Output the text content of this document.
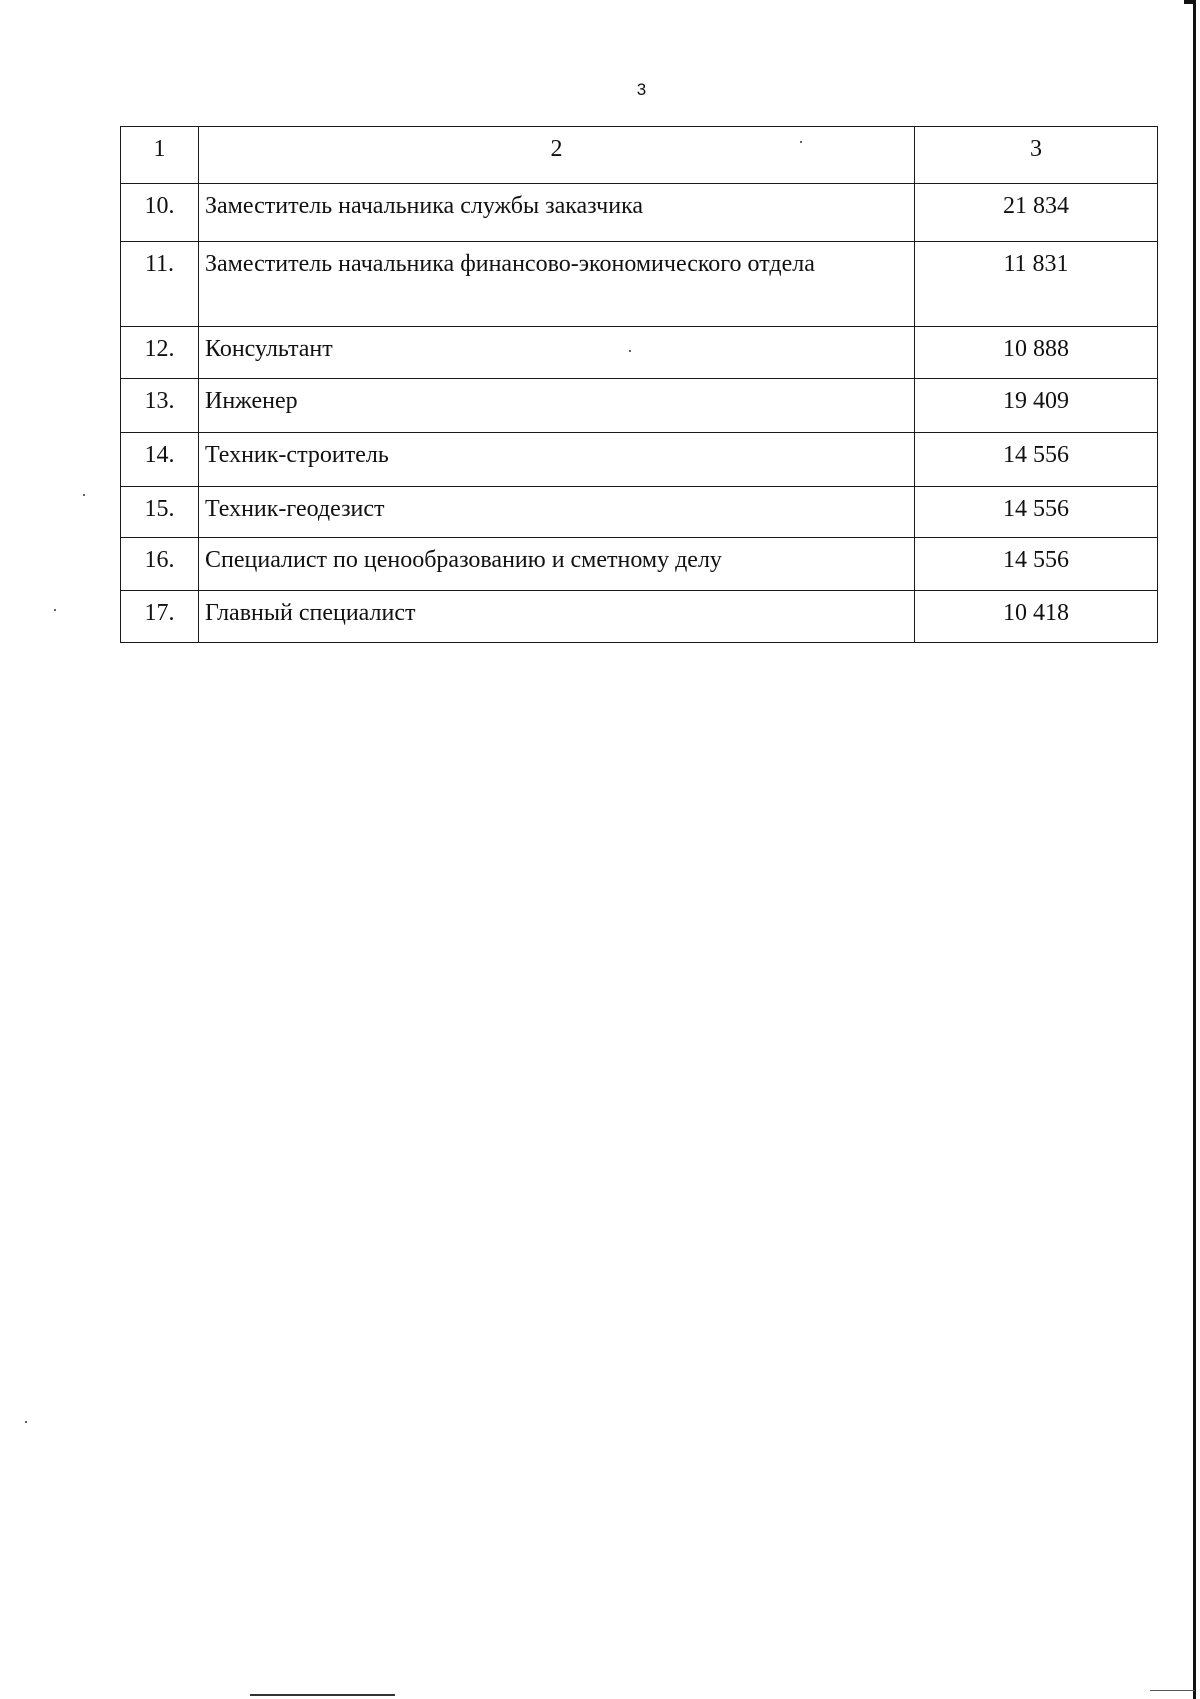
3
1	2	3
10.	Заместитель начальника службы заказчика	21 834
11.	Заместитель начальника финансово-экономического отдела	11 831
12.	Консультант	10 888
13.	Инженер	19 409
14.	Техник-строитель	14 556
15.	Техник-геодезист	14 556
16.	Специалист по ценообразованию и сметному делу	14 556
17.	Главный специалист	10 418
